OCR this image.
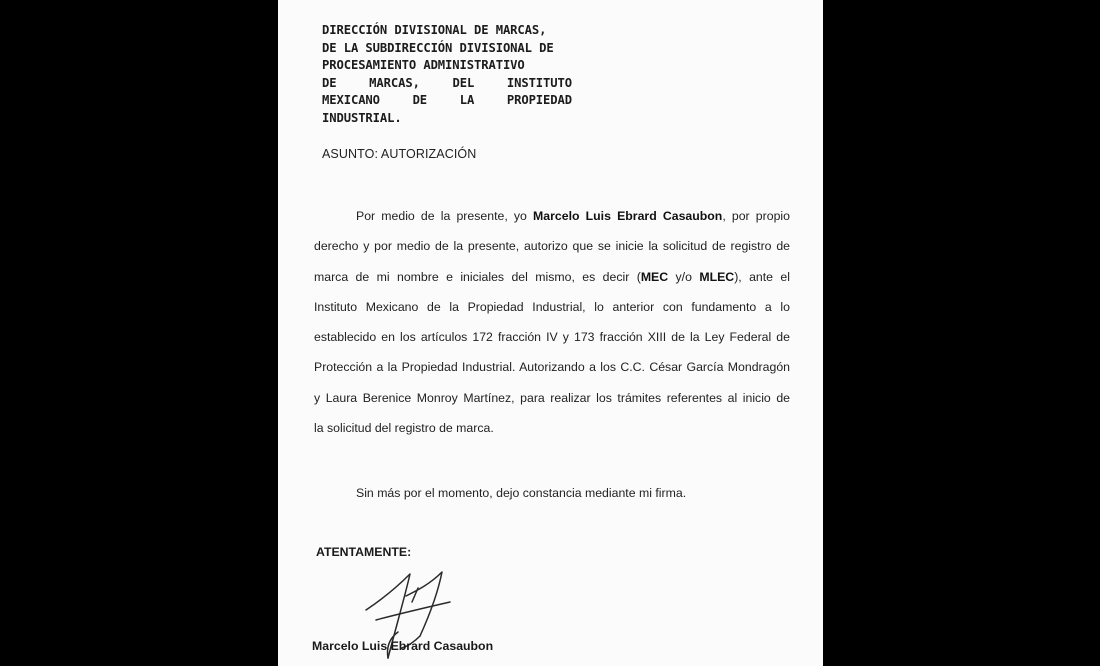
DIRECCIÓN DIVISIONAL DE MARCAS,
DE LA SUBDIRECCIÓN DIVISIONAL DE
PROCESAMIENTO ADMINISTRATIVO
DE MARCAS, DEL INSTITUTO
MEXICANO DE LA PROPIEDAD
INDUSTRIAL.
ASUNTO: AUTORIZACIÓN
Por medio de la presente, yo Marcelo Luis Ebrard Casaubon, por propio
derecho y por medio de la presente, autorizo que se inicie la solicitud de registro de
marca de mi nombre e iniciales del mismo, es decir (MEC y/o MLEC), ante el
Instituto Mexicano de la Propiedad Industrial, lo anterior con fundamento a lo
establecido en los artículos 172 fracción IV y 173 fracción XIII de la Ley Federal de
Protección a la Propiedad Industrial. Autorizando a los C.C. César García Mondragón
y Laura Berenice Monroy Martínez, para realizar los trámites referentes al inicio de
la solicitud del registro de marca.
Sin más por el momento, dejo constancia mediante mi firma.
ATENTAMENTE:
Marcelo Luis Ebrard Casaubon
